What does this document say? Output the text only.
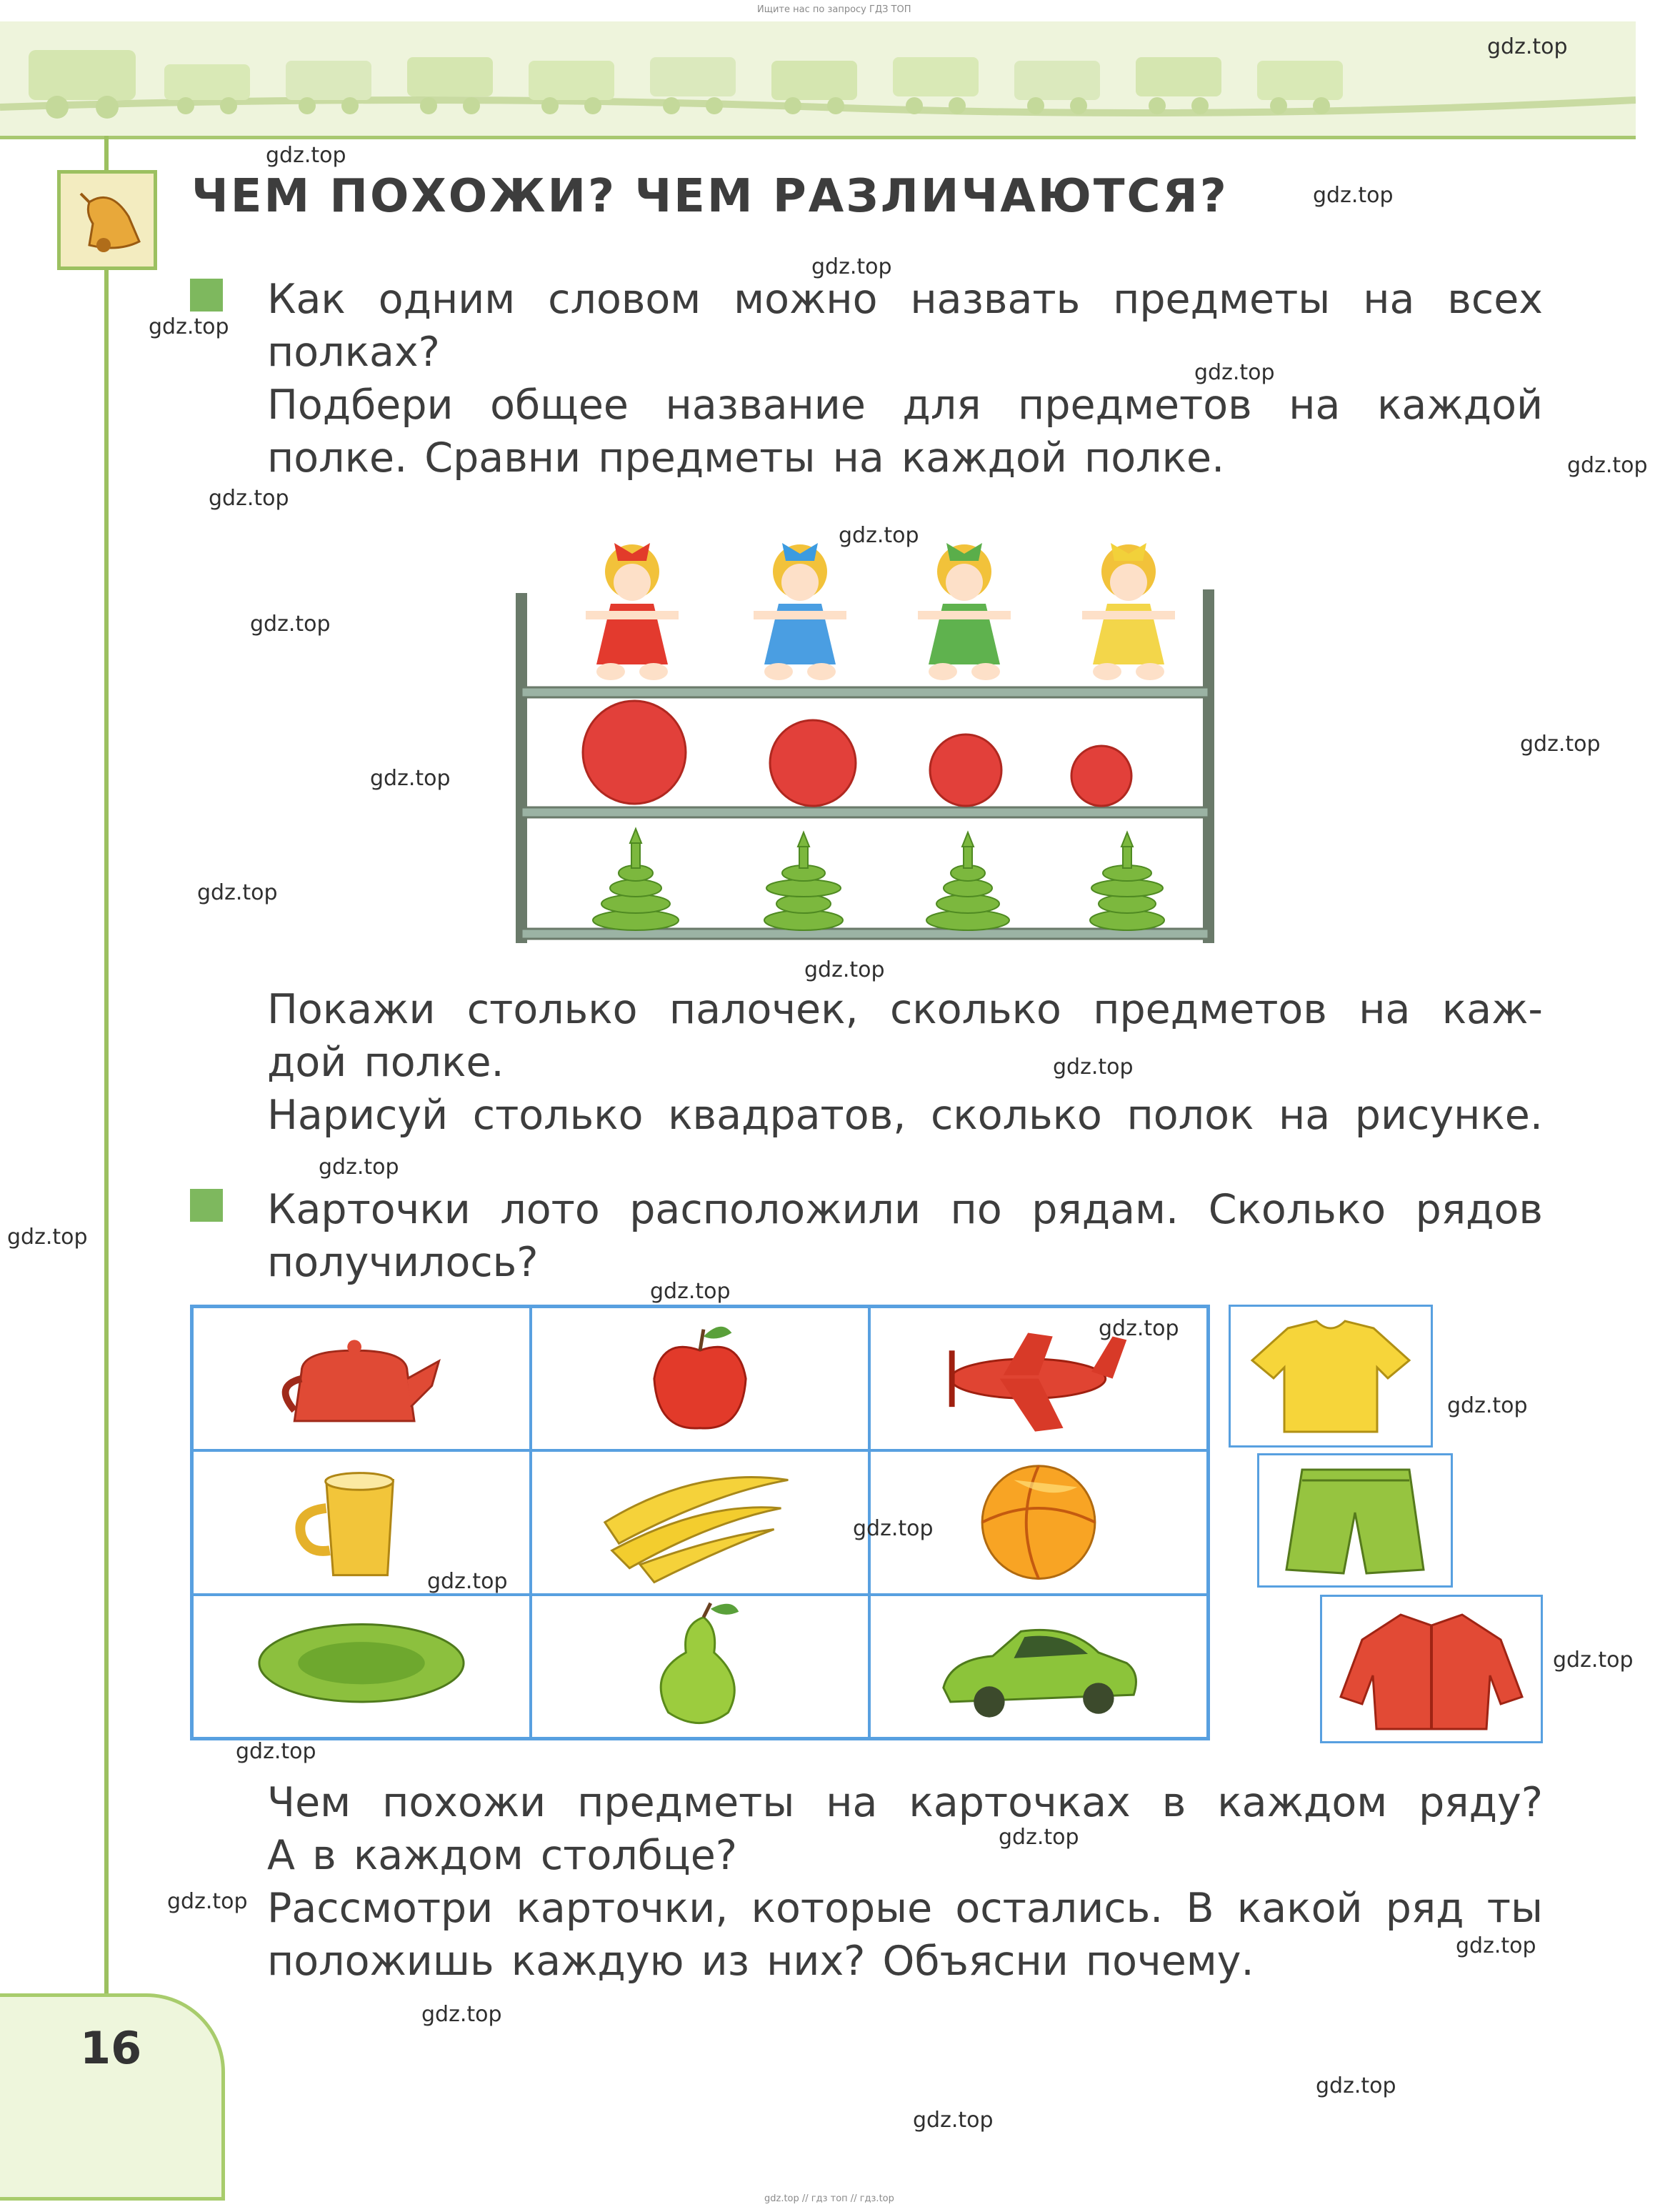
Ищите нас по запросу ГДЗ ТОП
ЧЕМ ПОХОЖИ? ЧЕМ РАЗЛИЧАЮТСЯ?
Как одним словом можно назвать предметы на всех
полках?
Подбери общее название для предметов на каждой
полке. Сравни предметы на каждой полке.
Покажи столько палочек, сколько предметов на каж-
дой полке.
Нарисуй столько квадратов, сколько полок на рисунке.
Карточки лото расположили по рядам. Сколько рядов
получилось?
Чем похожи предметы на карточках в каждом ряду?
А в каждом столбце?
Рассмотри карточки, которые остались. В какой ряд ты
положишь каждую из них? Объясни почему.
16
gdz.top
gdz.top
gdz.top
gdz.top
gdz.top
gdz.top
gdz.top
gdz.top
gdz.top
gdz.top
gdz.top
gdz.top
gdz.top
gdz.top
gdz.top
gdz.top
gdz.top
gdz.top
gdz.top
gdz.top
gdz.top
gdz.top
gdz.top
gdz.top
gdz.top
gdz.top
gdz.top
gdz.top
gdz.top
gdz.top
gdz.top // гдз топ // гдз.top
